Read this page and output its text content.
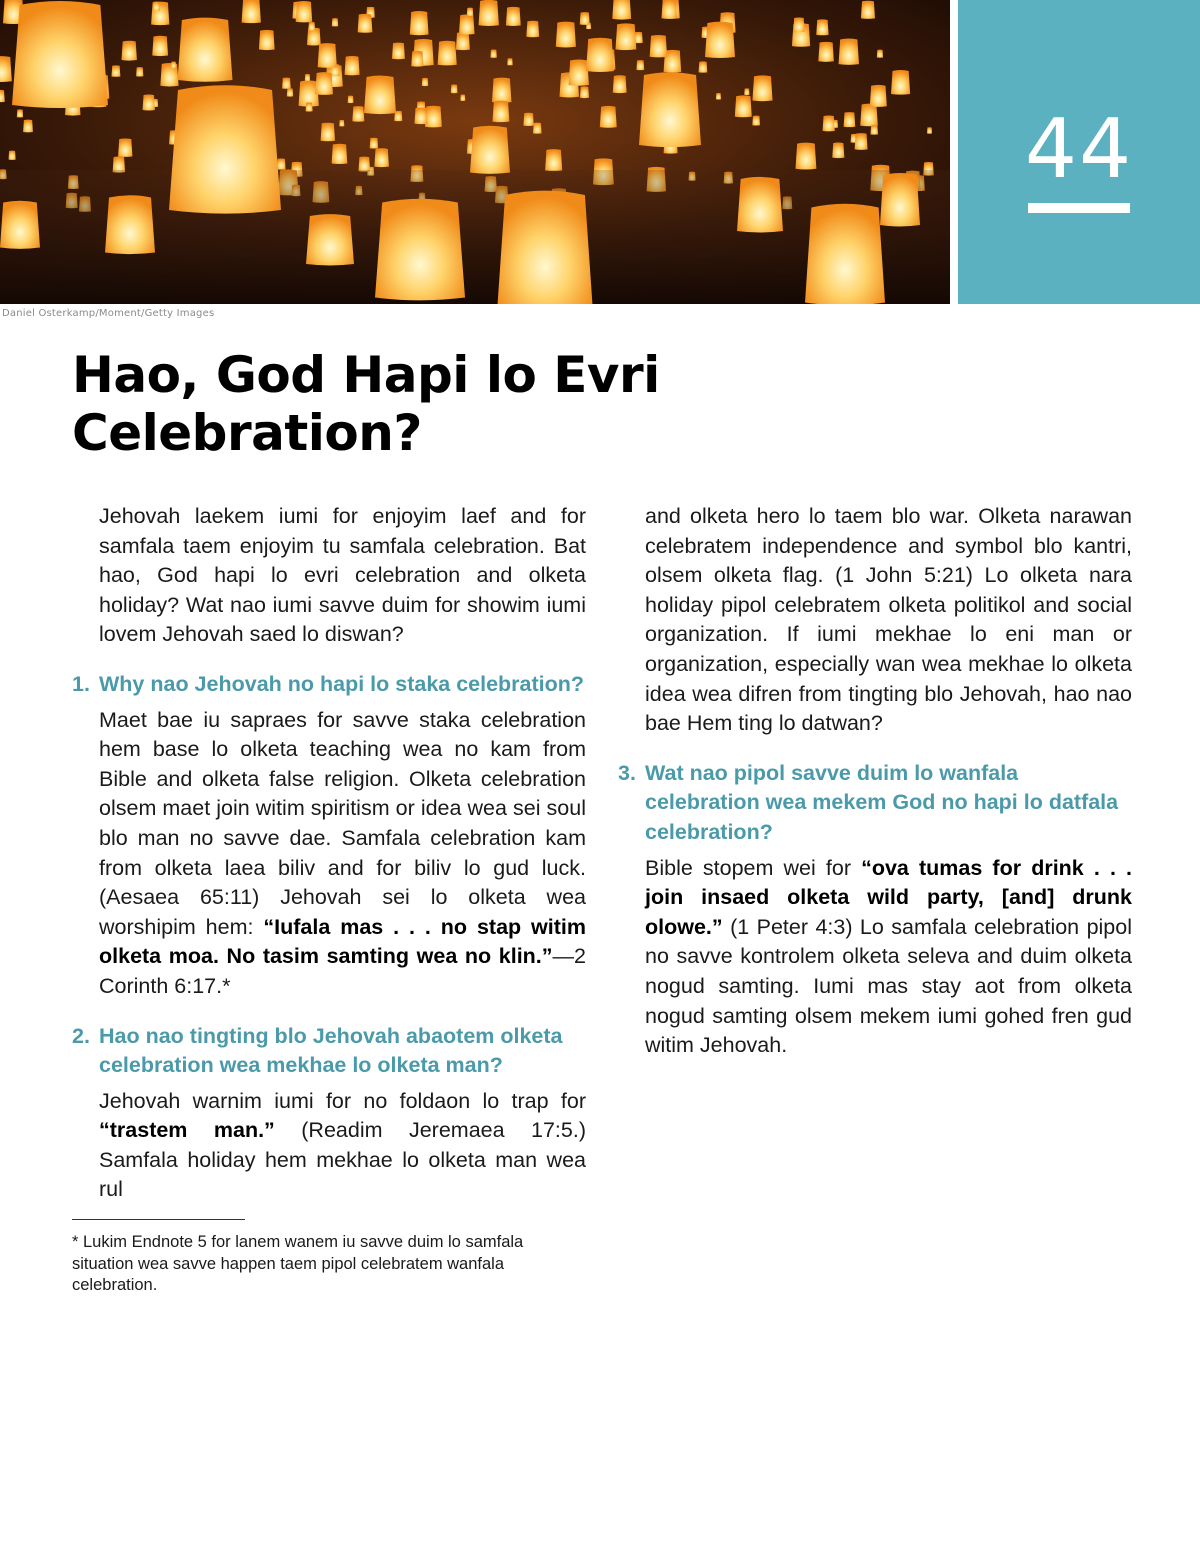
44
Daniel Osterkamp/Moment/Getty Images
Hao, God Hapi lo Evri Celebration?

Jehovah laekem iumi for enjoyim laef and for samfala taem enjoyim tu samfala celebration. Bat hao, God hapi lo evri celebration and olketa holiday? Wat nao iumi savve duim for showim iumi lovem Jehovah saed lo diswan?

1. Why nao Jehovah no hapi lo staka celebration?

Maet bae iu sapraes for savve staka celebration hem base lo olketa teaching wea no kam from Bible and olketa false religion. Olketa celebration olsem maet join witim spiritism or idea wea sei soul blo man no savve dae. Samfala celebration kam from olketa laea biliv and for biliv lo gud luck. (Aesaea 65:11) Jehovah sei lo olketa wea worshipim hem: “Iufala mas . . . no stap witim olketa moa. No tasim samting wea no klin.”—2 Corinth 6:17.*

2. Hao nao tingting blo Jehovah abaotem olketa celebration wea mekhae lo olketa man?

Jehovah warnim iumi for no foldaon lo trap for “trastem man.” (Readim Jeremaea 17:5.) Samfala holiday hem mekhae lo olketa man wea rul

and olketa hero lo taem blo war. Olketa narawan celebratem independence and symbol blo kantri, olsem olketa flag. (1 John 5:21) Lo olketa nara holiday pipol celebratem olketa politikol and social organization. If iumi mekhae lo eni man or organization, especially wan wea mekhae lo olketa idea wea difren from tingting blo Jehovah, hao nao bae Hem ting lo datwan?

3. Wat nao pipol savve duim lo wanfala celebration wea mekem God no hapi lo datfala celebration?

Bible stopem wei for “ova tumas for drink . . . join insaed olketa wild party, [and] drunk olowe.” (1 Peter 4:3) Lo samfala celebration pipol no savve kontrolem olketa seleva and duim olketa nogud samting. Iumi mas stay aot from olketa nogud samting olsem mekem iumi gohed fren gud witim Jehovah.

* Lukim Endnote 5 for lanem wanem iu savve duim lo samfala situation wea savve happen taem pipol celebratem wanfala celebration.
